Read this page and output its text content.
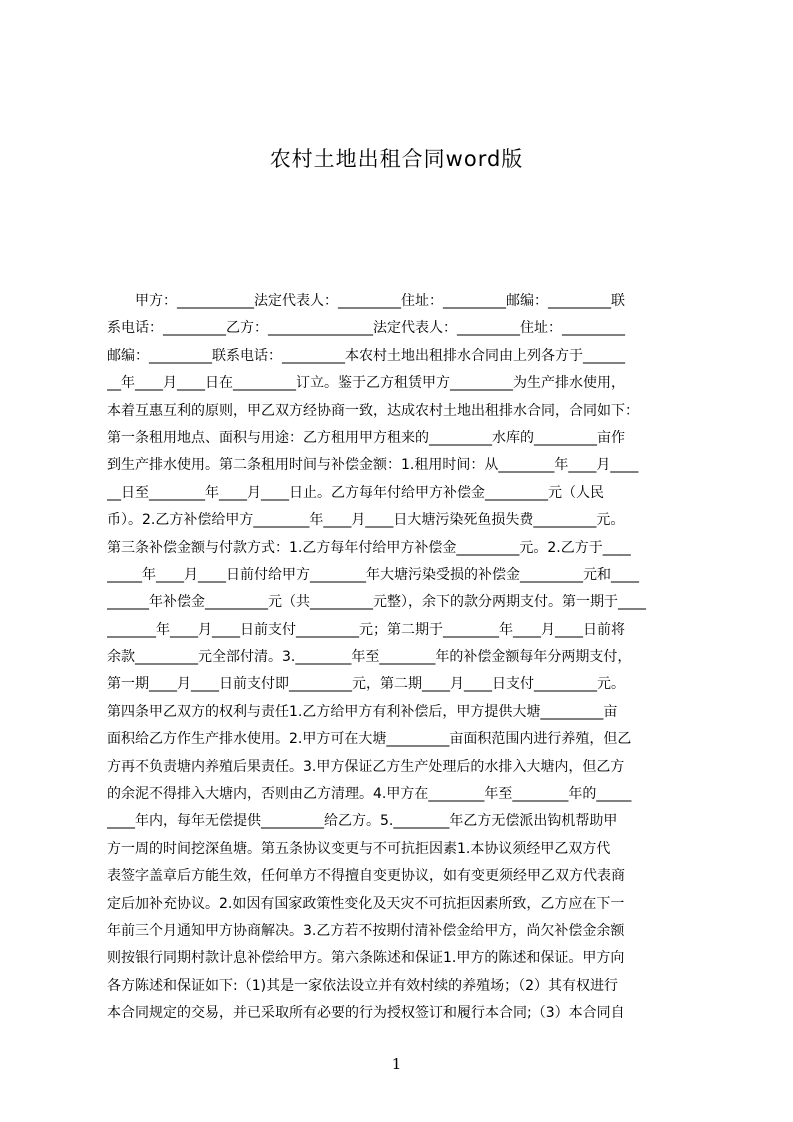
农村土地出租合同word版
　　甲方：___________法定代表人：_________住址：_________邮编：_________联
系电话：_________乙方：_______________法定代表人：_________住址：_________
邮编：_________联系电话：_________本农村土地出租排水合同由上列各方于______
__年____月____日在_________订立。鉴于乙方租赁甲方_________为生产排水使用，
本着互惠互利的原则，甲乙双方经协商一致，达成农村土地出租排水合同，合同如下：
第一条租用地点、面积与用途：乙方租用甲方租来的_________水库的_________亩作
到生产排水使用。第二条租用时间与补偿金额：1.租用时间：从________年____月____
__日至________年____月____日止。乙方每年付给甲方补偿金_________元（人民
币）。2.乙方补偿给甲方________年____月____日大塘污染死鱼损失费_________元。
第三条补偿金额与付款方式：1.乙方每年付给甲方补偿金_________元。2.乙方于____
_____年____月____日前付给甲方________年大塘污染受损的补偿金_________元和____
______年补偿金_________元（共_________元整），余下的款分两期支付。第一期于____
_______年____月____日前支付_________元；第二期于________年____月____日前将
余款_________元全部付清。3.________年至________年的补偿金额每年分两期支付，
第一期____月____日前支付即_________元，第二期____月____日支付_________元。
第四条甲乙双方的权利与责任1.乙方给甲方有利补偿后，甲方提供大塘_________亩
面积给乙方作生产排水使用。2.甲方可在大塘_________亩面积范围内进行养殖，但乙
方再不负责塘内养殖后果责任。3.甲方保证乙方生产处理后的水排入大塘内，但乙方
的余泥不得排入大塘内，否则由乙方清理。4.甲方在________年至________年的_____
____年内，每年无偿提供_________给乙方。5.________年乙方无偿派出钩机帮助甲
方一周的时间挖深鱼塘。第五条协议变更与不可抗拒因素1.本协议须经甲乙双方代
表签字盖章后方能生效，任何单方不得擅自变更协议，如有变更须经甲乙双方代表商
定后加补充协议。2.如因有国家政策性变化及天灾不可抗拒因素所致，乙方应在下一
年前三个月通知甲方协商解决。3.乙方若不按期付清补偿金给甲方，尚欠补偿金余额
则按银行同期村款计息补偿给甲方。第六条陈述和保证1.甲方的陈述和保证。甲方向
各方陈述和保证如下:（1)其是一家依法设立并有效村续的养殖场；（2）其有权进行
本合同规定的交易，并已采取所有必要的行为授权签订和履行本合同;（3）本合同自
1
